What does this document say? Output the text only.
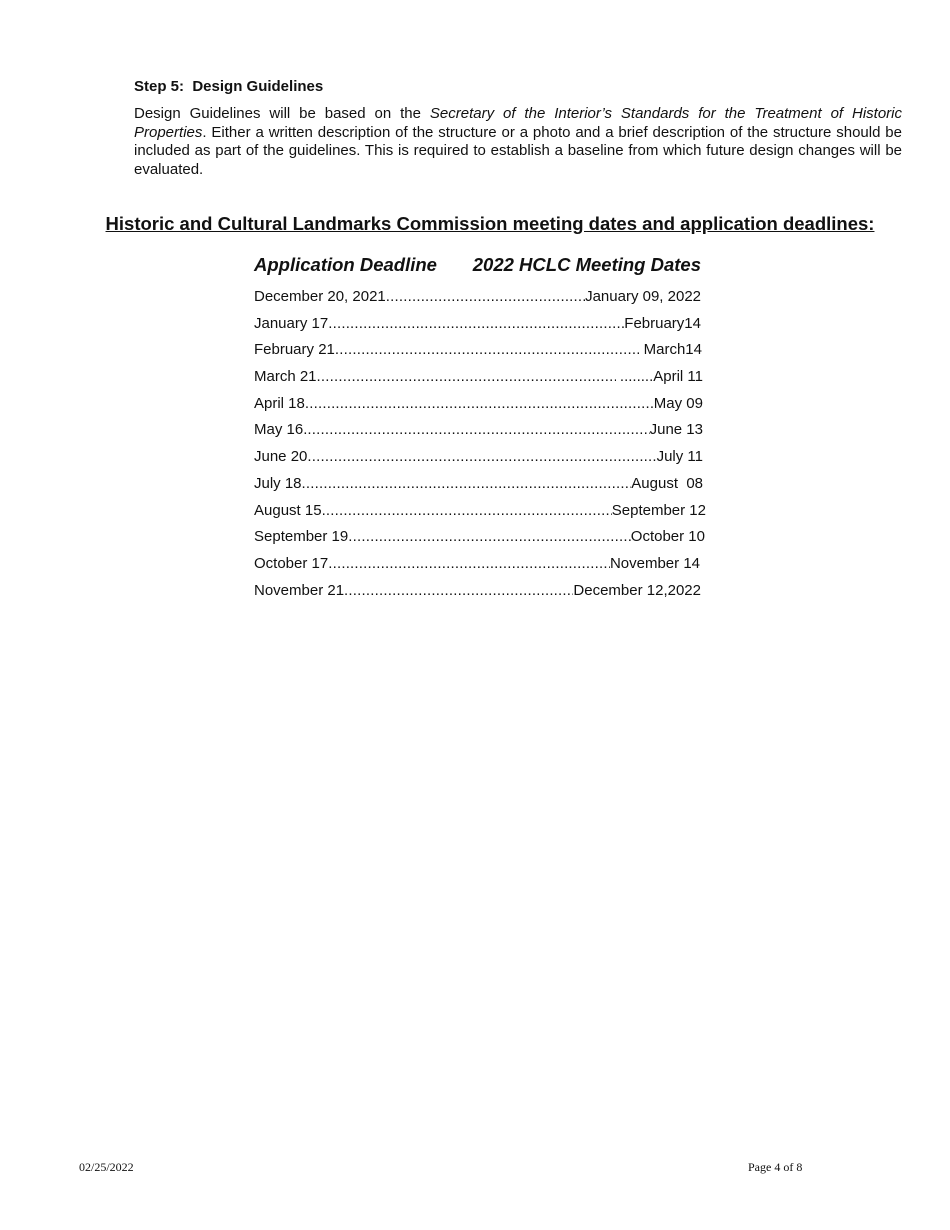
Step 5:  Design Guidelines

Design Guidelines will be based on the Secretary of the Interior’s Standards for the Treatment of Historic Properties. Either a written description of the structure or a photo and a brief description of the structure should be included as part of the guidelines. This is required to establish a baseline from which future design changes will be evaluated.

Historic and Cultural Landmarks Commission meeting dates and application deadlines:
Application Deadline 2022 HCLC Meeting Dates
December 20, 2021 .....	January 09, 2022
January 17 .....	February14
February 21 .....	March14
March 21 .....	........April 11
April 18 .....	May 09
May 16. .....	June 13
June 20 .....	July 11
July 18 .....	August  08
August 15 .....	September 12
September 19 .....	October 10
October 17 .....	November 14
November 21 .....	December 12,2022

02/25/2022	Page 4 of 8
